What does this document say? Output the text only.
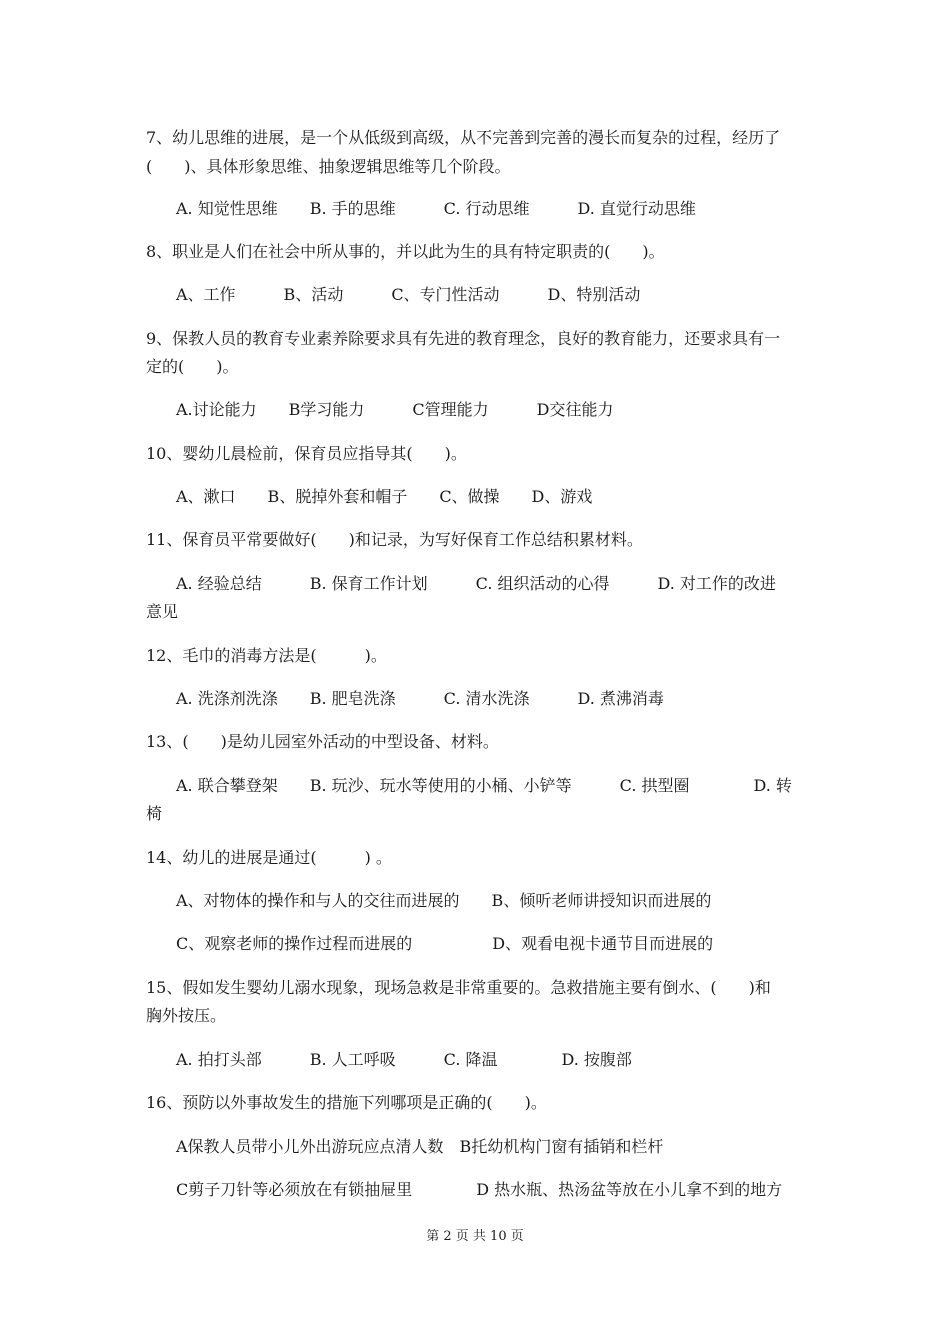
7、幼儿思维的进展，是一个从低级到高级，从不完善到完善的漫长而复杂的过程，经历了
(　　)、具体形象思维、抽象逻辑思维等几个阶段。
A. 知觉性思维　　B. 手的思维　　　C. 行动思维　　　D. 直觉行动思维
8、职业是人们在社会中所从事的，并以此为生的具有特定职责的(　　)。
A、工作　　　B、活动　　　C、专门性活动　　　D、特别活动
9、保教人员的教育专业素养除要求具有先进的教育理念，良好的教育能力，还要求具有一
定的(　　)。
A.讨论能力　　B学习能力　　　C管理能力　　　D交往能力
10、婴幼儿晨检前，保育员应指导其(　　)。
A、漱口　　B、脱掉外套和帽子　　C、做操　　D、游戏
11、保育员平常要做好(　　)和记录，为写好保育工作总结积累材料。
A. 经验总结　　　B. 保育工作计划　　　C. 组织活动的心得　　　D. 对工作的改进
意见
12、毛巾的消毒方法是(　　　)。
A. 洗涤剂洗涤　　B. 肥皂洗涤　　　C. 清水洗涤　　　D. 煮沸消毒
13、(　　)是幼儿园室外活动的中型设备、材料。
A. 联合攀登架　　B. 玩沙、玩水等使用的小桶、小铲等　　　C. 拱型圈　　　　D. 转
椅
14、幼儿的进展是通过(　　　) 。
A、对物体的操作和与人的交往而进展的　　B、倾听老师讲授知识而进展的
C、观察老师的操作过程而进展的　　　　　D、观看电视卡通节目而进展的
15、假如发生婴幼儿溺水现象，现场急救是非常重要的。急救措施主要有倒水、(　　)和
胸外按压。
A. 拍打头部　　　B. 人工呼吸　　　C. 降温　　　　D. 按腹部
16、预防以外事故发生的措施下列哪项是正确的(　　)。
A保教人员带小儿外出游玩应点清人数　B托幼机构门窗有插销和栏杆
C剪子刀针等必须放在有锁抽屉里　　　　D 热水瓶、热汤盆等放在小儿拿不到的地方
第 2 页 共 10 页
